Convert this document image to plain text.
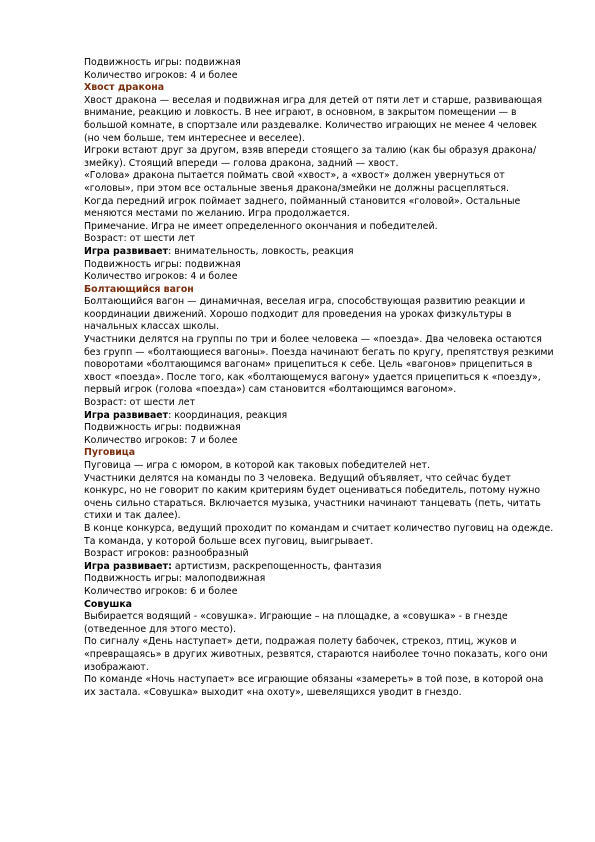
Подвижность игры: подвижная

Количество игроков: 4 и более

Хвост дракона

Хвост дракона — веселая и подвижная игра для детей от пяти лет и старше, развивающая внимание, реакцию и ловкость. В нее играют, в основном, в закрытом помещении — в большой комнате, в спортзале или раздевалке. Количество играющих не менее 4 человек (но чем больше, тем интереснее и веселее).

Игроки встают друг за другом, взяв впереди стоящего за талию (как бы образуя дракона/змейку). Стоящий впереди — голова дракона, задний — хвост.

«Голова» дракона пытается поймать свой «хвост», а «хвост» должен увернуться от «головы», при этом все остальные звенья дракона/змейки не должны расцепляться.

Когда передний игрок поймает заднего, пойманный становится «головой». Остальные меняются местами по желанию. Игра продолжается.

Примечание. Игра не имеет определенного окончания и победителей.

Возраст: от шести лет

Игра развивает: внимательность, ловкость, реакция

Подвижность игры: подвижная

Количество игроков: 4 и более

Болтающийся вагон

Болтающийся вагон — динамичная, веселая игра, способствующая развитию реакции и координации движений. Хорошо подходит для проведения на уроках физкультуры в начальных классах школы.

Участники делятся на группы по три и более человека — «поезда». Два человека остаются без групп — «болтающиеся вагоны». Поезда начинают бегать по кругу, препятствуя резкими поворотами «болтающимся вагонам» прицепиться к себе. Цель «вагонов» прицепиться в хвост «поезда». После того, как «болтающемуся вагону» удается прицепиться к «поезду», первый игрок (голова «поезда») сам становится «болтающимся вагоном».

Возраст: от шести лет

Игра развивает: координация, реакция

Подвижность игры: подвижная

Количество игроков: 7 и более

Пуговица

Пуговица — игра с юмором, в которой как таковых победителей нет.

Участники делятся на команды по 3 человека. Ведущий объявляет, что сейчас будет конкурс, но не говорит по каким критериям будет оцениваться победитель, потому нужно очень сильно стараться. Включается музыка, участники начинают танцевать (петь, читать стихи и так далее).

В конце конкурса, ведущий проходит по командам и считает количество пуговиц на одежде. Та команда, у которой больше всех пуговиц, выигрывает.

Возраст игроков: разнообразный

Игра развивает: артистизм, раскрепощенность, фантазия

Подвижность игры: малоподвижная

Количество игроков: 6 и более

Совушка

Выбирается водящий - «совушка». Играющие – на площадке, а «совушка» - в гнезде (отведенное для этого место).

По сигналу «День наступает» дети, подражая полету бабочек, стрекоз, птиц, жуков и «превращаясь» в других животных, резвятся, стараются наиболее точно показать, кого они изображают.

По команде «Ночь наступает» все играющие обязаны «замереть» в той позе, в которой она их застала. «Совушка» выходит «на охоту», шевелящихся уводит в гнездо.
